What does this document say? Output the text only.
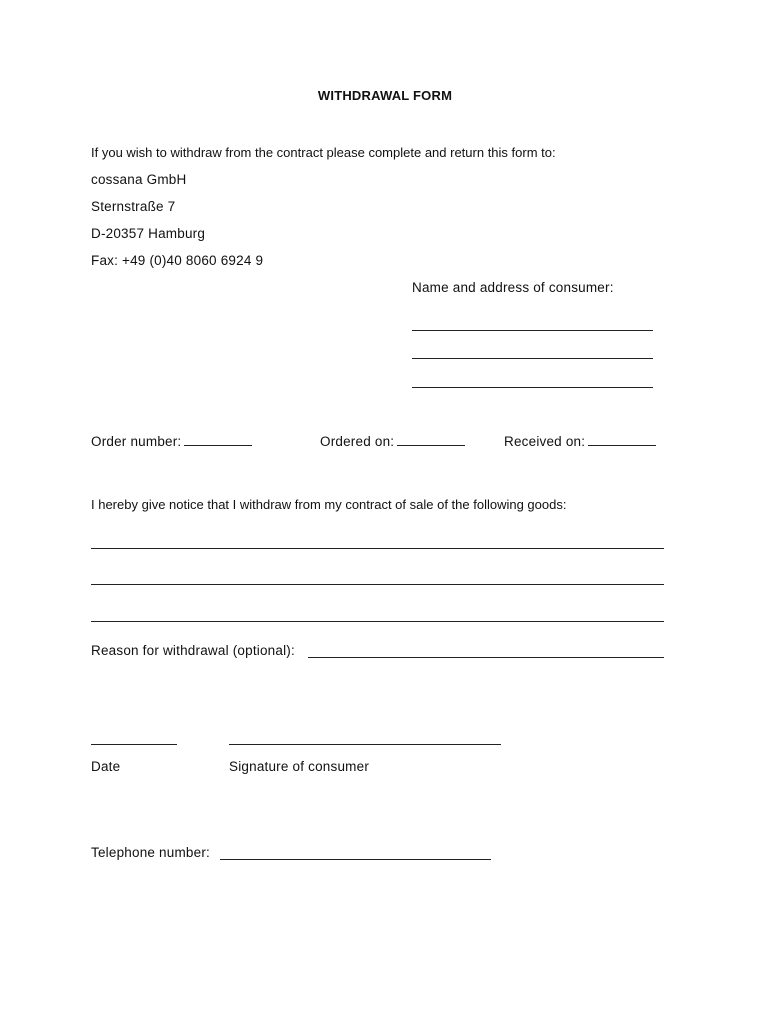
WITHDRAWAL FORM
If you wish to withdraw from the contract please complete and return this form to:
cossana GmbH
Sternstraße 7
D-20357 Hamburg
Fax: +49 (0)40 8060 6924 9
Name and address of consumer:
Order number:	Ordered on:	Received on:
I hereby give notice that I withdraw from my contract of sale of the following goods:
Reason for withdrawal (optional):
Date	Signature of consumer
Telephone number:
